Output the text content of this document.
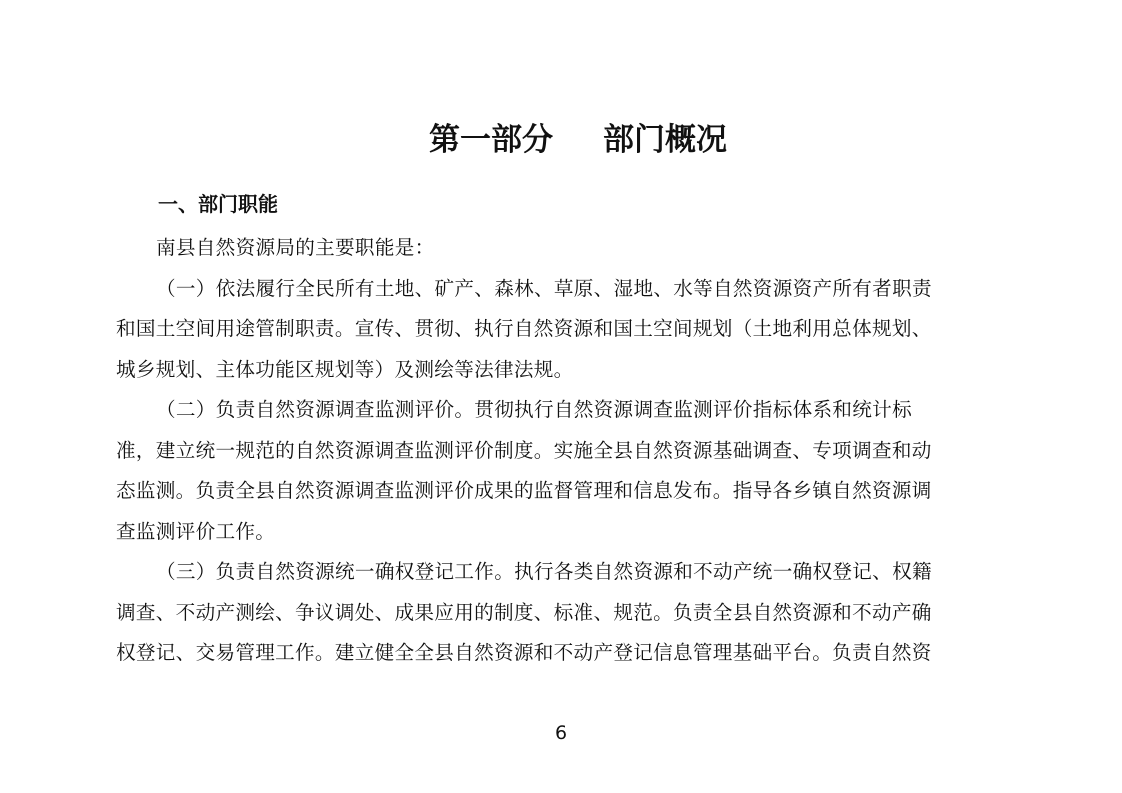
第一部分 部门概况
一、部门职能
南县自然资源局的主要职能是：
（一）依法履行全民所有土地、矿产、森林、草原、湿地、水等自然资源资产所有者职责
和国土空间用途管制职责。宣传、贯彻、执行自然资源和国土空间规划（土地利用总体规划、
城乡规划、主体功能区规划等）及测绘等法律法规。
（二）负责自然资源调查监测评价。贯彻执行自然资源调查监测评价指标体系和统计标
准，建立统一规范的自然资源调查监测评价制度。实施全县自然资源基础调查、专项调查和动
态监测。负责全县自然资源调查监测评价成果的监督管理和信息发布。指导各乡镇自然资源调
查监测评价工作。
（三）负责自然资源统一确权登记工作。执行各类自然资源和不动产统一确权登记、权籍
调查、不动产测绘、争议调处、成果应用的制度、标准、规范。负责全县自然资源和不动产确
权登记、交易管理工作。建立健全全县自然资源和不动产登记信息管理基础平台。负责自然资
6
